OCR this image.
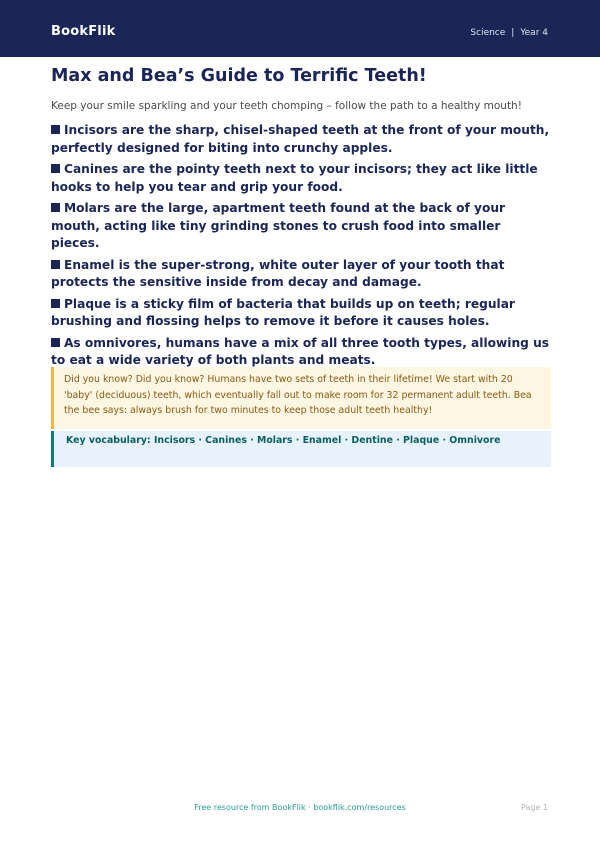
BookFlik	Science | Year 4
Max and Bea’s Guide to Terrific Teeth!

Keep your smile sparkling and your teeth chomping – follow the path to a healthy mouth!

Incisors are the sharp, chisel-shaped teeth at the front of your mouth, perfectly designed for biting into crunchy apples.
Canines are the pointy teeth next to your incisors; they act like little hooks to help you tear and grip your food.
Molars are the large, apartment teeth found at the back of your mouth, acting like tiny grinding stones to crush food into smaller pieces.
Enamel is the super-strong, white outer layer of your tooth that protects the sensitive inside from decay and damage.
Plaque is a sticky film of bacteria that builds up on teeth; regular brushing and flossing helps to remove it before it causes holes.
As omnivores, humans have a mix of all three tooth types, allowing us to eat a wide variety of both plants and meats.
Did you know? Did you know? Humans have two sets of teeth in their lifetime! We start with 20 'baby' (deciduous) teeth, which eventually fall out to make room for 32 permanent adult teeth. Bea the bee says: always brush for two minutes to keep those adult teeth healthy!
Key vocabulary: Incisors · Canines · Molars · Enamel · Dentine · Plaque · Omnivore
Free resource from BookFlik · bookflik.com/resources	Page 1
